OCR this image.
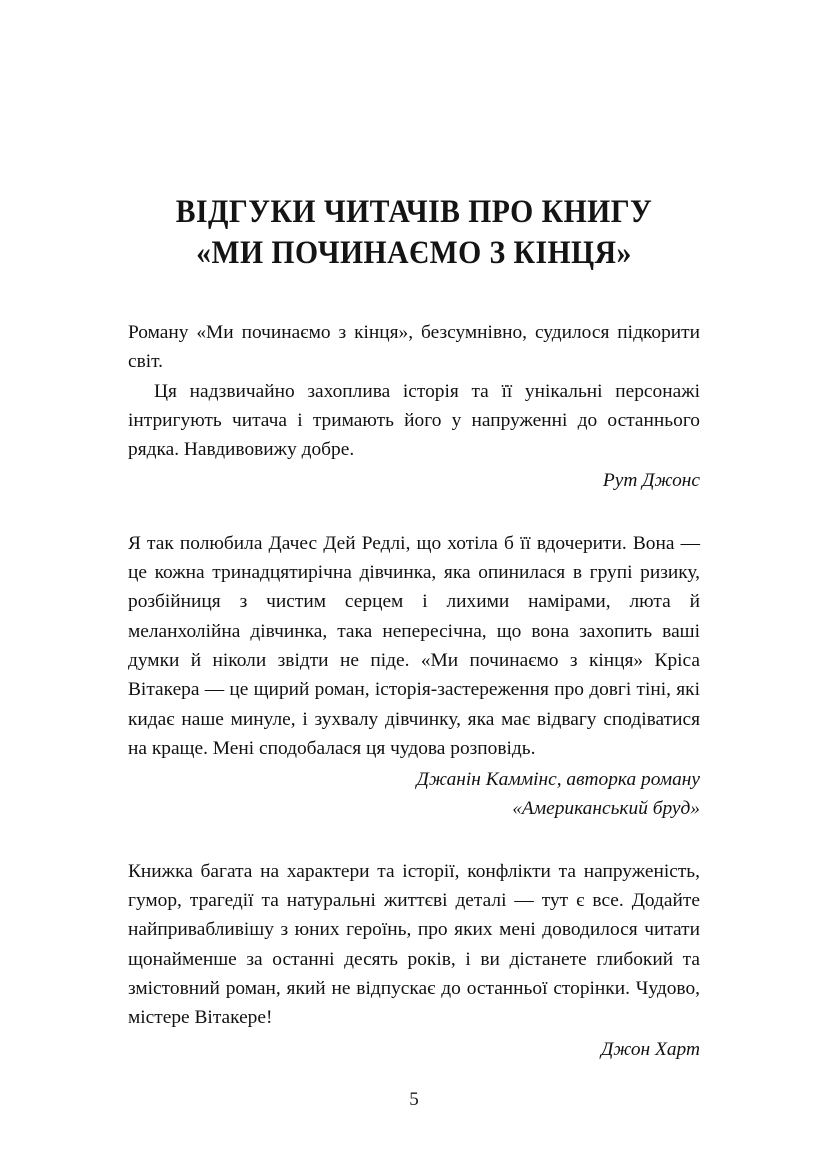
ВІДГУКИ ЧИТАЧІВ ПРО КНИГУ
«МИ ПОЧИНАЄМО З КІНЦЯ»
Роману «Ми починаємо з кінця», безсумнівно, судилося підкорити світ.
Ця надзвичайно захоплива історія та її унікальні персонажі інтригують читача і тримають його у напруженні до останнього рядка. Навдивовижу добре.
Рут Джонс
Я так полюбила Дачес Дей Редлі, що хотіла б її вдочерити. Вона — це кожна тринадцятирічна дівчинка, яка опинилася в групі ризику, розбійниця з чистим серцем і лихими намірами, люта й меланхолійна дівчинка, така непересічна, що вона захопить ваші думки й ніколи звідти не піде. «Ми починаємо з кінця» Кріса Вітакера — це щирий роман, історія-застереження про довгі тіні, які кидає наше минуле, і зухвалу дівчинку, яка має відвагу сподіватися на краще. Мені сподобалася ця чудова розповідь.
Джанін Каммінс, авторка роману
«Американський бруд»
Книжка багата на характери та історії, конфлікти та напруженість, гумор, трагедії та натуральні життєві деталі — тут є все. Додайте найпривабливішу з юних героїнь, про яких мені доводилося читати щонайменше за останні десять років, і ви дістанете глибокий та змістовний роман, який не відпускає до останньої сторінки. Чудово, містере Вітакере!
Джон Харт
5
